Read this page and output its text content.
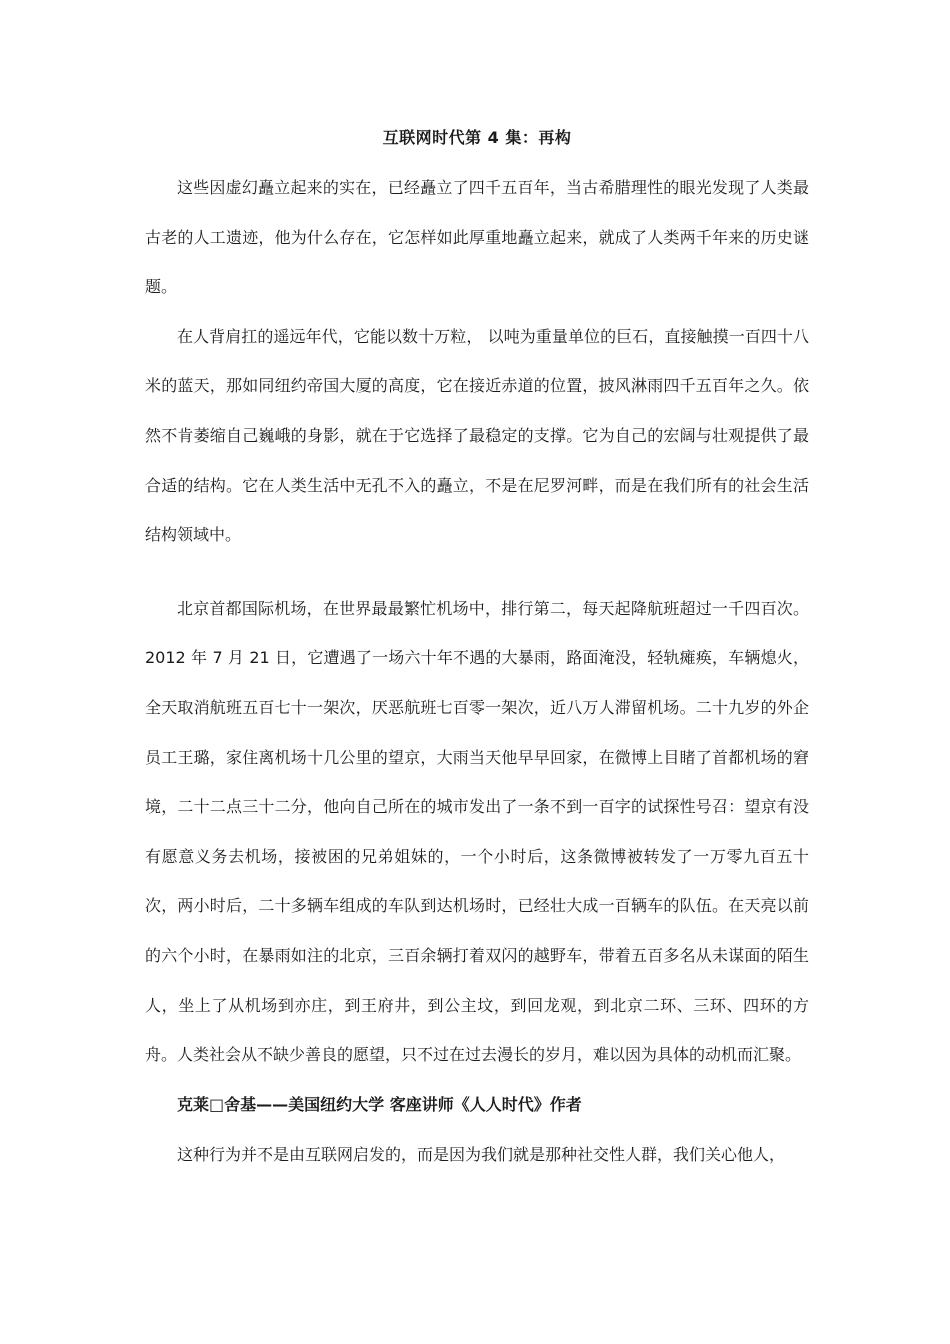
互联网时代第 4 集：再构

这些因虚幻矗立起来的实在，已经矗立了四千五百年，当古希腊理性的眼光发现了人类最古老的人工遗迹，他为什么存在，它怎样如此厚重地矗立起来，就成了人类两千年来的历史谜题。

在人背肩扛的遥远年代，它能以数十万粒， 以吨为重量单位的巨石，直接触摸一百四十八米的蓝天，那如同纽约帝国大厦的高度，它在接近赤道的位置，披风淋雨四千五百年之久。依然不肯萎缩自己巍峨的身影，就在于它选择了最稳定的支撑。它为自己的宏阔与壮观提供了最合适的结构。它在人类生活中无孔不入的矗立，不是在尼罗河畔，而是在我们所有的社会生活结构领域中。

北京首都国际机场，在世界最最繁忙机场中，排行第二，每天起降航班超过一千四百次。2012 年 7 月 21 日，它遭遇了一场六十年不遇的大暴雨，路面淹没，轻轨瘫痪，车辆熄火，全天取消航班五百七十一架次，厌恶航班七百零一架次，近八万人滞留机场。二十九岁的外企员工王璐，家住离机场十几公里的望京，大雨当天他早早回家，在微博上目睹了首都机场的窘境，二十二点三十二分，他向自己所在的城市发出了一条不到一百字的试探性号召：望京有没有愿意义务去机场，接被困的兄弟姐妹的，一个小时后，这条微博被转发了一万零九百五十次，两小时后，二十多辆车组成的车队到达机场时，已经壮大成一百辆车的队伍。在天亮以前的六个小时，在暴雨如注的北京，三百余辆打着双闪的越野车，带着五百多名从未谋面的陌生人，坐上了从机场到亦庄，到王府井，到公主坟，到回龙观，到北京二环、三环、四环的方舟。人类社会从不缺少善良的愿望，只不过在过去漫长的岁月，难以因为具体的动机而汇聚。

克莱□舍基——美国纽约大学 客座讲师《人人时代》作者

这种行为并不是由互联网启发的，而是因为我们就是那种社交性人群，我们关心他人，
